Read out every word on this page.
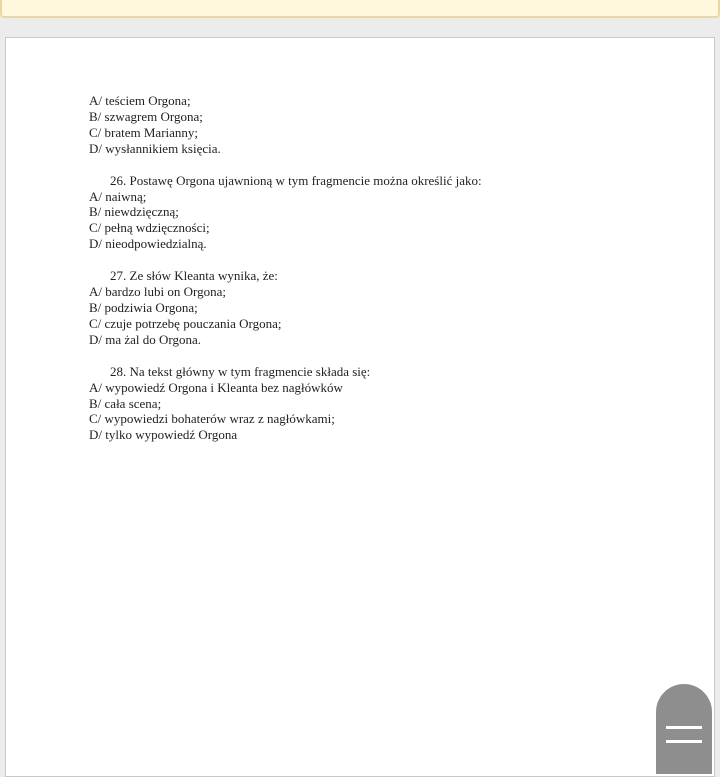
A/ teściem Orgona;
B/ szwagrem Orgona;
C/ bratem Marianny;
D/ wysłannikiem księcia.
26. Postawę Orgona ujawnioną w tym fragmencie można określić jako:
A/ naiwną;
B/ niewdzięczną;
C/ pełną wdzięczności;
D/ nieodpowiedzialną.
27. Ze słów Kleanta wynika, że:
A/ bardzo lubi on Orgona;
B/ podziwia Orgona;
C/ czuje potrzebę pouczania Orgona;
D/ ma żal do Orgona.
28. Na tekst główny w tym fragmencie składa się:
A/ wypowiedź Orgona i Kleanta bez nagłówków
B/ cała scena;
C/ wypowiedzi bohaterów wraz z nagłówkami;
D/ tylko wypowiedź Orgona
